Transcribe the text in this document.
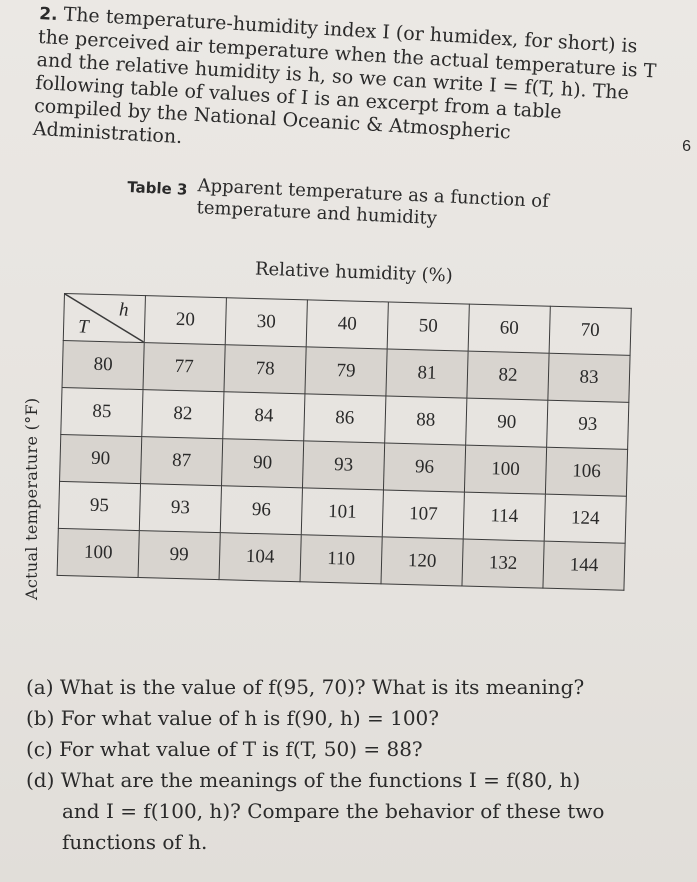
2. The temperature-humidity index I (or humidex, for short) is the perceived air temperature when the actual temperature is T and the relative humidity is h, so we can write I = f(T, h). The following table of values of I is an excerpt from a table compiled by the National Oceanic & Atmospheric Administration.	6
Table 3 Apparent temperature as a function of temperature and humidity
Relative humidity (%)
Actual temperature (°F)
h
T	20	30	40	50	60	70
80	77	78	79	81	82	83
85	82	84	86	88	90	93
90	87	90	93	96	100	106
95	93	96	101	107	114	124
100	99	104	110	120	132	144
(a) What is the value of f(95, 70)? What is its meaning?
(b) For what value of h is f(90, h) = 100?
(c) For what value of T is f(T, 50) = 88?
(d) What are the meanings of the functions I = f(80, h)
and I = f(100, h)? Compare the behavior of these two
functions of h.
